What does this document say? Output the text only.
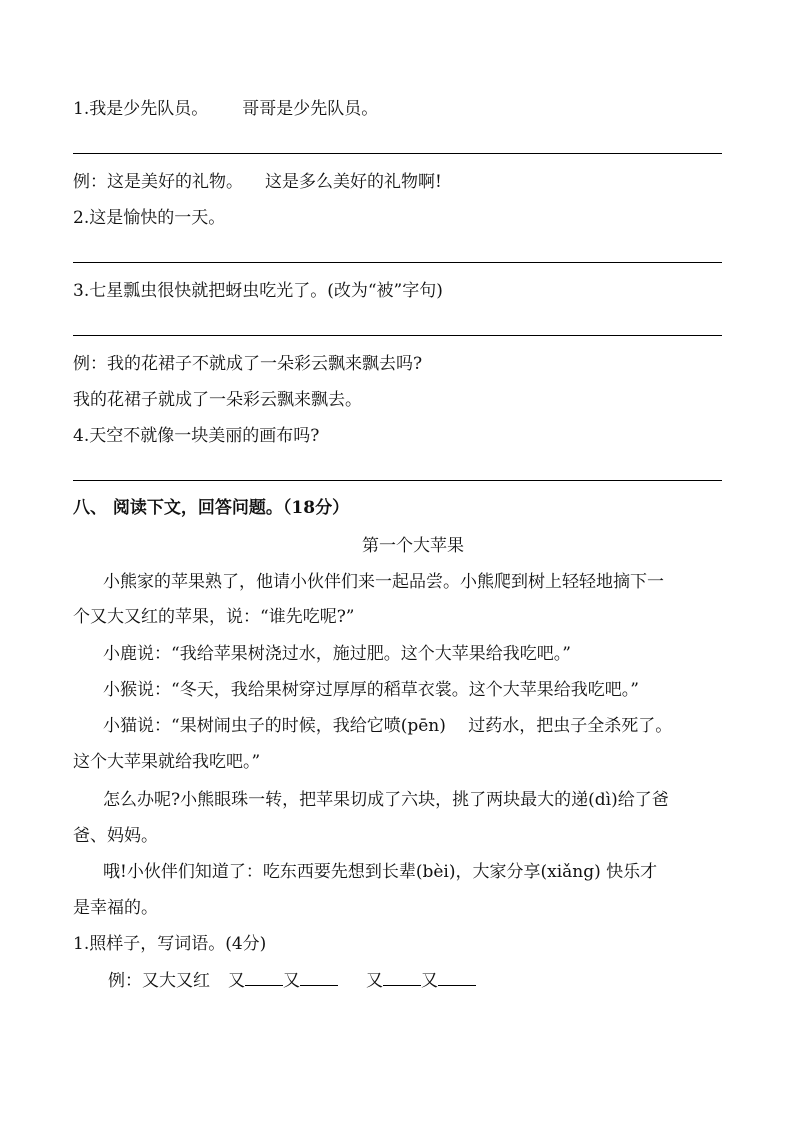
1.我是少先队员。 哥哥是少先队员。
例：这是美好的礼物。 这是多么美好的礼物啊!
2.这是愉快的一天。
3.七星瓢虫很快就把蚜虫吃光了。(改为“被”字句)
例：我的花裙子不就成了一朵彩云飘来飘去吗?
我的花裙子就成了一朵彩云飘来飘去。
4.天空不就像一块美丽的画布吗?
八、 阅读下文，回答问题。（18分）
第一个大苹果
小熊家的苹果熟了，他请小伙伴们来一起品尝。小熊爬到树上轻轻地摘下一
个又大又红的苹果，说：“谁先吃呢?”
小鹿说：“我给苹果树浇过水，施过肥。这个大苹果给我吃吧。”
小猴说：“冬天，我给果树穿过厚厚的稻草衣裳。这个大苹果给我吃吧。”
小猫说：“果树闹虫子的时候，我给它喷(pēn)　 过药水，把虫子全杀死了。
这个大苹果就给我吃吧。”
怎么办呢?小熊眼珠一转，把苹果切成了六块，挑了两块最大的递(dì)给了爸
爸、妈妈。
哦!小伙伴们知道了：吃东西要先想到长辈(bèi)，大家分享(xiǎng) 快乐才
是幸福的。
1.照样子，写词语。(4分)
例：又大又红 又 又	又 又
